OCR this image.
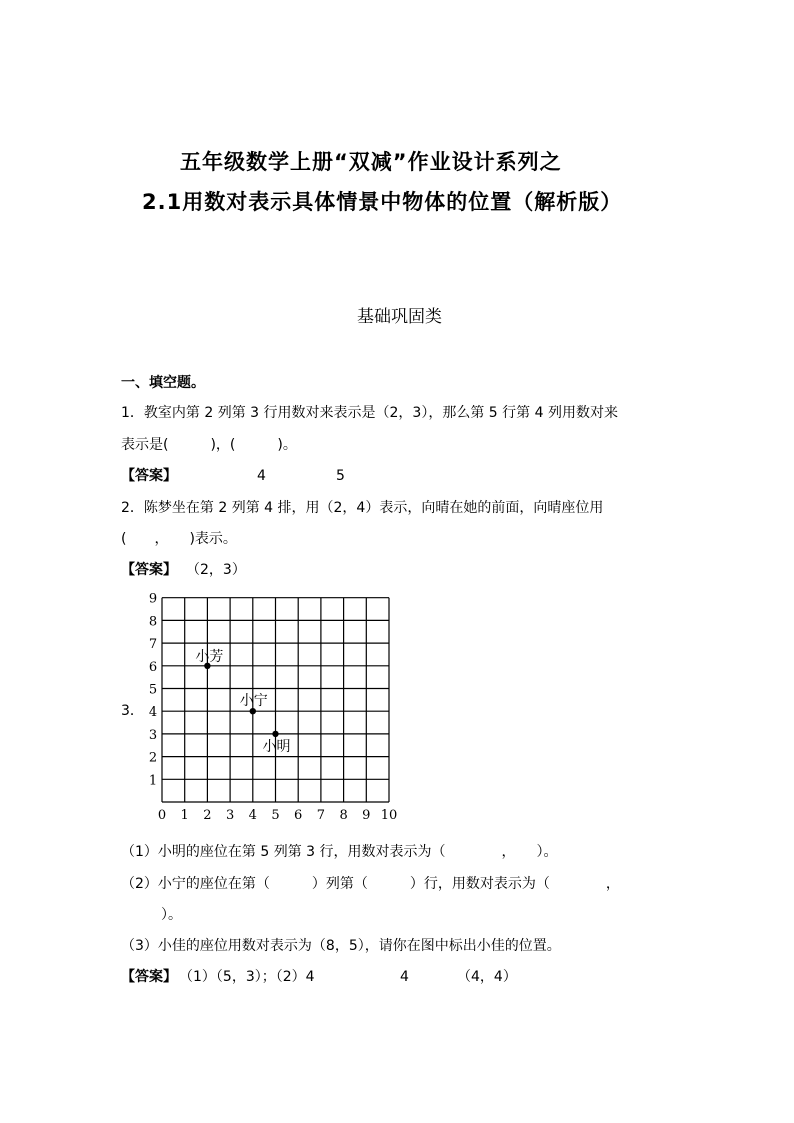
五年级数学上册“双减”作业设计系列之
2.1用数对表示具体情景中物体的位置（解析版）
基础巩固类
一、填空题。
1．教室内第 2 列第 3 行用数对来表示是（2，3），那么第 5 行第 4 列用数对来
表示是(　　　)，(　　　)。
【答案】	4	5
2．陈梦坐在第 2 列第 4 排，用（2，4）表示，向晴在她的前面，向晴座位用
(　　，　　)表示。
【答案】 （2，3）
3．
0 1 2 3 4 5 6 7 8 9 10
1
2
3
4
5
6
7
8
9
小芳
小宁
小明
（1）小明的座位在第 5 列第 3 行，用数对表示为（　　　　，　　）。
（2）小宁的座位在第（　　　）列第（　　　）行，用数对表示为（　　　　，
）。
（3）小佳的座位用数对表示为（8，5），请你在图中标出小佳的位置。
【答案】 （1）（5，3）；（2）4	4	（4，4）
